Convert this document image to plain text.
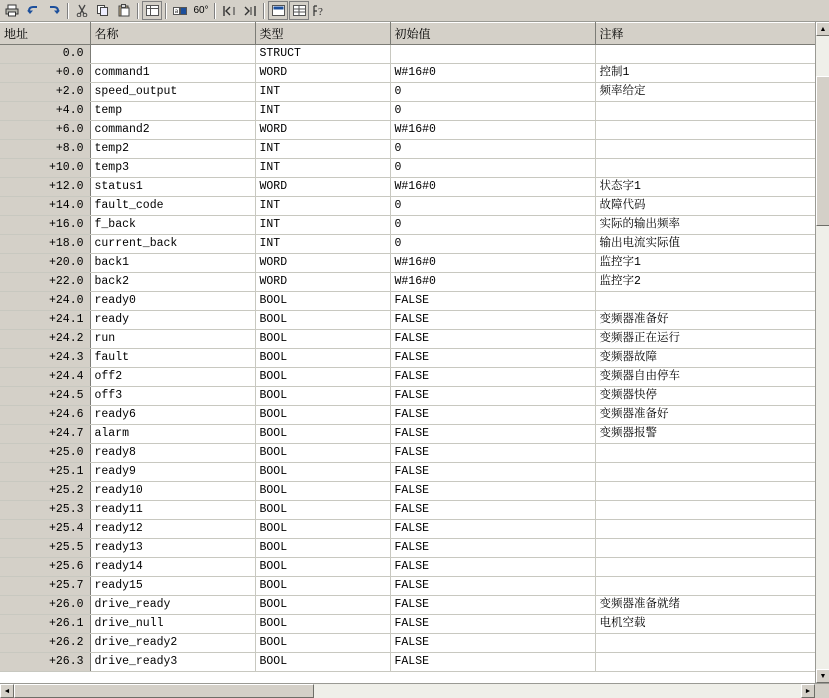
a 60°	?
地址	名称	类型	初始值	注释
0.0		STRUCT		
+0.0	command1	WORD	W#16#0	控制1
+2.0	speed_output	INT	0	频率给定
+4.0	temp	INT	0	
+6.0	command2	WORD	W#16#0	
+8.0	temp2	INT	0	
+10.0	temp3	INT	0	
+12.0	status1	WORD	W#16#0	状态字1
+14.0	fault_code	INT	0	故障代码
+16.0	f_back	INT	0	实际的输出频率
+18.0	current_back	INT	0	输出电流实际值
+20.0	back1	WORD	W#16#0	监控字1
+22.0	back2	WORD	W#16#0	监控字2
+24.0	ready0	BOOL	FALSE	
+24.1	ready	BOOL	FALSE	变频器准备好
+24.2	run	BOOL	FALSE	变频器正在运行
+24.3	fault	BOOL	FALSE	变频器故障
+24.4	off2	BOOL	FALSE	变频器自由停车
+24.5	off3	BOOL	FALSE	变频器快停
+24.6	ready6	BOOL	FALSE	变频器准备好
+24.7	alarm	BOOL	FALSE	变频器报警
+25.0	ready8	BOOL	FALSE	
+25.1	ready9	BOOL	FALSE	
+25.2	ready10	BOOL	FALSE	
+25.3	ready11	BOOL	FALSE	
+25.4	ready12	BOOL	FALSE	
+25.5	ready13	BOOL	FALSE	
+25.6	ready14	BOOL	FALSE	
+25.7	ready15	BOOL	FALSE	
+26.0	drive_ready	BOOL	FALSE	变频器准备就绪
+26.1	drive_null	BOOL	FALSE	电机空载
+26.2	drive_ready2	BOOL	FALSE	
+26.3	drive_ready3	BOOL	FALSE	
▲
▼
◄	►
